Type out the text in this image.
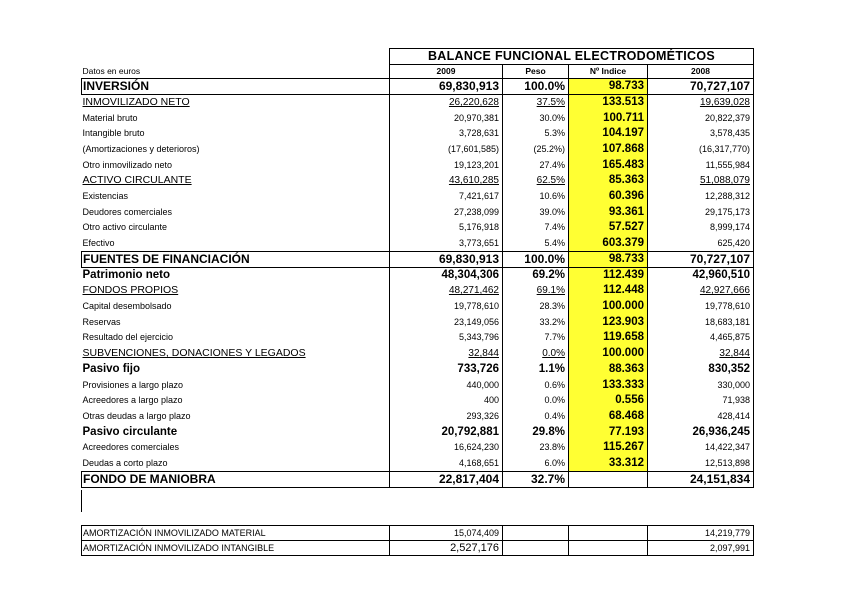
	BALANCE FUNCIONAL ELECTRODOMÉTICOS			
Datos en euros	2009	Peso	Nº Indice	2008
INVERSIÓN	69,830,913	100.0%	98.733	70,727,107
INMOVILIZADO NETO	26,220,628	37.5%	133.513	19,639,028
Material bruto	20,970,381	30.0%	100.711	20,822,379
Intangible bruto	3,728,631	5.3%	104.197	3,578,435
(Amortizaciones y deterioros)	(17,601,585)	(25.2%)	107.868	(16,317,770)
Otro inmovilizado neto	19,123,201	27.4%	165.483	11,555,984
ACTIVO CIRCULANTE	43,610,285	62.5%	85.363	51,088,079
Existencias	7,421,617	10.6%	60.396	12,288,312
Deudores comerciales	27,238,099	39.0%	93.361	29,175,173
Otro activo circulante	5,176,918	7.4%	57.527	8,999,174
Efectivo	3,773,651	5.4%	603.379	625,420
FUENTES DE FINANCIACIÓN	69,830,913	100.0%	98.733	70,727,107
Patrimonio neto	48,304,306	69.2%	112.439	42,960,510
FONDOS PROPIOS	48,271,462	69.1%	112.448	42,927,666
Capital desembolsado	19,778,610	28.3%	100.000	19,778,610
Reservas	23,149,056	33.2%	123.903	18,683,181
Resultado del ejercicio	5,343,796	7.7%	119.658	4,465,875
SUBVENCIONES, DONACIONES Y LEGADOS	32,844	0.0%	100.000	32,844
Pasivo fijo	733,726	1.1%	88.363	830,352
Provisiones a largo plazo	440,000	0.6%	133.333	330,000
Acreedores a largo plazo	400	0.0%	0.556	71,938
Otras deudas a largo plazo	293,326	0.4%	68.468	428,414
Pasivo circulante	20,792,881	29.8%	77.193	26,936,245
Acreedores comerciales	16,624,230	23.8%	115.267	14,422,347
Deudas a corto plazo	4,168,651	6.0%	33.312	12,513,898
FONDO DE MANIOBRA	22,817,404	32.7%		24,151,834
AMORTIZACIÓN INMOVILIZADO MATERIAL	15,074,409			14,219,779
AMORTIZACIÓN INMOVILIZADO INTANGIBLE	2,527,176			2,097,991
